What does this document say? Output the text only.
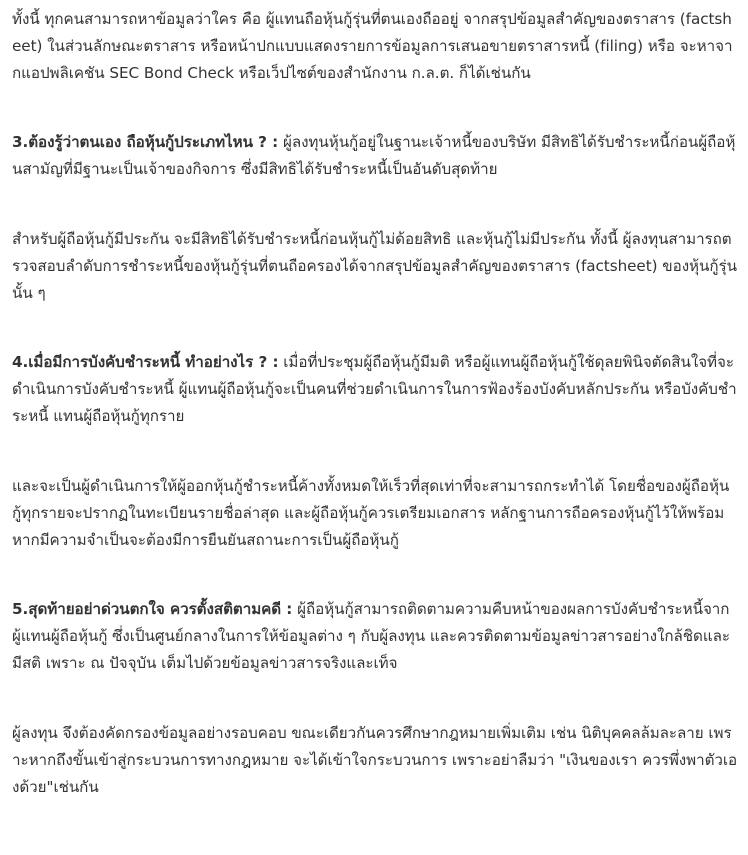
ทั้งนี้ ทุกคนสามารถหาข้อมูลว่าใคร คือ ผู้แทนถือหุ้นกู้รุ่นที่ตนเองถืออยู่ จากสรุปข้อมูลสำคัญของตราสาร (factsheet) ในส่วนลักษณะตราสาร หรือหน้าปกแบบแสดงรายการข้อมูลการเสนอขายตราสารหนี้ (filing) หรือ จะหาจากแอปพลิเคชัน SEC Bond Check หรือเว็ปไซต์ของสำนักงาน ก.ล.ต. ก็ได้เช่นกัน

3.ต้องรู้ว่าตนเอง ถือหุ้นกู้ประเภทไหน ? : ผู้ลงทุนหุ้นกู้อยู่ในฐานะเจ้าหนี้ของบริษัท มีสิทธิได้รับชำระหนี้ก่อนผู้ถือหุ้นสามัญที่มีฐานะเป็นเจ้าของกิจการ ซึ่งมีสิทธิได้รับชำระหนี้เป็นอันดับสุดท้าย

สำหรับผู้ถือหุ้นกู้มีประกัน จะมีสิทธิได้รับชำระหนี้ก่อนหุ้นกู้ไม่ด้อยสิทธิ และหุ้นกู้ไม่มีประกัน ทั้งนี้ ผู้ลงทุนสามารถตรวจสอบลำดับการชำระหนี้ของหุ้นกู้รุ่นที่ตนถือครองได้จากสรุปข้อมูลสำคัญของตราสาร (factsheet) ของหุ้นกู้รุ่นนั้น ๆ

4.เมื่อมีการบังคับชำระหนี้ ทำอย่างไร ? : เมื่อที่ประชุมผู้ถือหุ้นกู้มีมติ หรือผู้แทนผู้ถือหุ้นกู้ใช้ดุลยพินิจตัดสินใจที่จะดำเนินการบังคับชำระหนี้ ผู้แทนผู้ถือหุ้นกู้จะเป็นคนที่ช่วยดำเนินการในการฟ้องร้องบังคับหลักประกัน หรือบังคับชำระหนี้ แทนผู้ถือหุ้นกู้ทุกราย

และจะเป็นผู้ดำเนินการให้ผู้ออกหุ้นกู้ชำระหนี้ค้างทั้งหมดให้เร็วที่สุดเท่าที่จะสามารถกระทำได้ โดยชื่อของผู้ถือหุ้นกู้ทุกรายจะปรากฏในทะเบียนรายชื่อล่าสุด และผู้ถือหุ้นกู้ควรเตรียมเอกสาร หลักฐานการถือครองหุ้นกู้ไว้ให้พร้อม หากมีความจำเป็นจะต้องมีการยืนยันสถานะการเป็นผู้ถือหุ้นกู้

5.สุดท้ายอย่าด่วนตกใจ ควรตั้งสติตามคดี : ผู้ถือหุ้นกู้สามารถติดตามความคืบหน้าของผลการบังคับชำระหนี้จากผู้แทนผู้ถือหุ้นกู้ ซึ่งเป็นศูนย์กลางในการให้ข้อมูลต่าง ๆ กับผู้ลงทุน และควรติดตามข้อมูลข่าวสารอย่างใกล้ชิดและมีสติ เพราะ ณ ปัจจุบัน เต็มไปด้วยข้อมูลข่าวสารจริงและเท็จ

ผู้ลงทุน จึงต้องคัดกรองข้อมูลอย่างรอบคอบ ขณะเดียวกันควรศึกษากฎหมายเพิ่มเติม เช่น นิติบุคคลล้มละลาย เพราะหากถึงขั้นเข้าสู่กระบวนการทางกฎหมาย จะได้เข้าใจกระบวนการ เพราะอย่าลืมว่า "เงินของเรา ควรพึ่งพาตัวเองด้วย"เช่นกัน
